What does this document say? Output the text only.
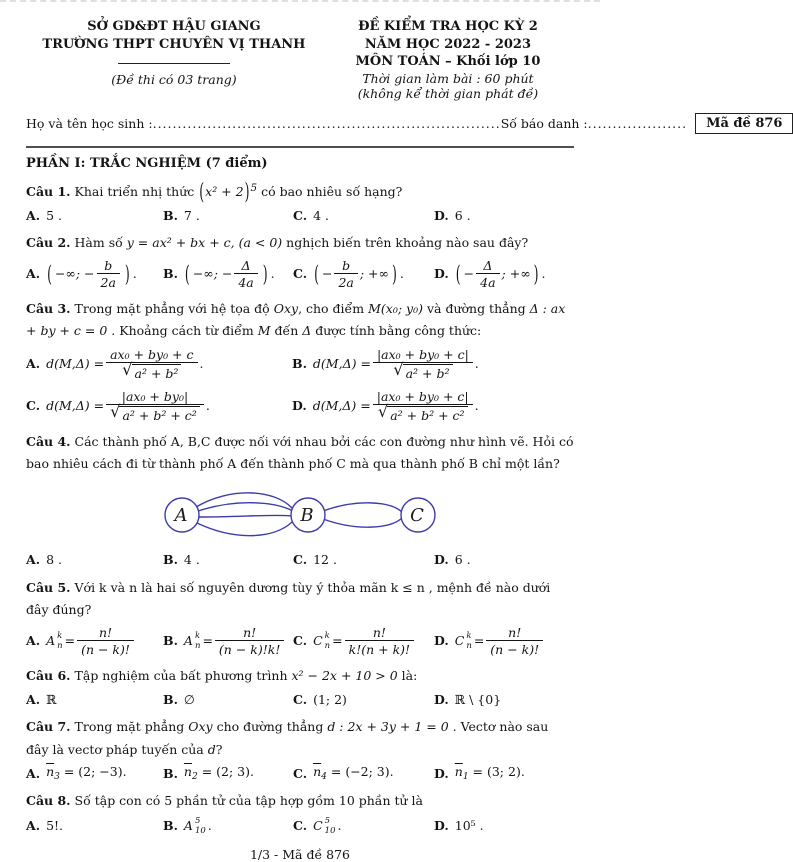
SỞ GD&ĐT HẬU GIANG
TRƯỜNG THPT CHUYÊN VỊ THANH
(Đề thi có 03 trang)
ĐỀ KIỂM TRA HỌC KỲ 2
NĂM HỌC 2022 - 2023
MÔN TOÁN – Khối lớp 10
Thời gian làm bài : 60 phút
(không kể thời gian phát đề)
Họ và tên học sinh : ...................................................................... Số báo danh : ....................	Mã đề 876
PHẦN I: TRẮC NGHIỆM (7 điểm)

Câu 1. Khai triển nhị thức $(x^2 + 2)^5$ có bao nhiêu số hạng?

A. 5 .	B. 7 .	C. 4 .	D. 6 .

Câu 2. Hàm số y = ax² + bx + c, (a < 0) nghịch biến trên khoảng nào sau đây?

A. ( −∞; − $\frac{b}{2a}$ ) . B. ( −∞; − $\frac{\Delta}{4a}$ ) . C. ( − $\frac{b}{2a}$ ; +∞ ) . D. ( − $\frac{\Delta}{4a}$ ; +∞ ) .

Câu 3. Trong mặt phẳng với hệ tọa độ Oxy, cho điểm M(x₀; y₀) và đường thẳng Δ : ax + by + c = 0 . Khoảng cách từ điểm M đến Δ được tính bằng công thức:

A. $d(M,\Delta) = \frac{\text{ax₀ + by₀ + c}}{\text{√ a² + b²}}$ .	B. $d(M,\Delta) = \frac{\text{|ax₀ + by₀ + c|}}{\text{√ a² + b²}}$ .
C. $d(M,\Delta) = \frac{\text{|ax₀ + by₀|}}{\text{√ a² + b² + c²}}$ .	D. $d(M,\Delta) = \frac{\text{|ax₀ + by₀ + c|}}{\text{√ a² + b² + c²}}$ .

Câu 4. Các thành phố A, B,C được nối với nhau bởi các con đường như hình vẽ. Hỏi có bao nhiêu cách đi từ thành phố A đến thành phố C mà qua thành phố B chỉ một lần?

A	B	C
A. 8 .	B. 4 .	C. 12 .	D. 6 .

Câu 5. Với k và n là hai số nguyên dương tùy ý thỏa mãn k ≤ n , mệnh đề nào dưới đây đúng?

A. A k
$n = \frac{n!}{(n - k)!} B$. A k
$n = \frac{n!}{(n - k)!k!} C$. C k
$n = \frac{n!}{k!(n + k)!} D$. C k
$n = \frac{n!}{(n - k)!}$

Câu 6. Tập nghiệm của bất phương trình x² − 2x + 10 > 0 là:

A. ℝ	B. ∅	C. (1; 2)	D. ℝ \ {0}

Câu 7. Trong mặt phẳng Oxy cho đường thẳng d : 2x + 3y + 1 = 0 . Vectơ nào sau đây là vectơ pháp tuyến của d?

A. $\overline{n}_3 = (2$; −3).	B. $\overline{n}_2 = (2$; 3).	C. $\overline{n}_4 = (-2$; 3).	D. $\overline{n}_1 = (3$; 2).

Câu 8. Số tập con có 5 phần tử của tập hợp gồm 10 phần tử là

A. 5!.	B. A 5
10 .	C. C 5
10 .	D. 10⁵ .
1/3 - Mã đề 876
